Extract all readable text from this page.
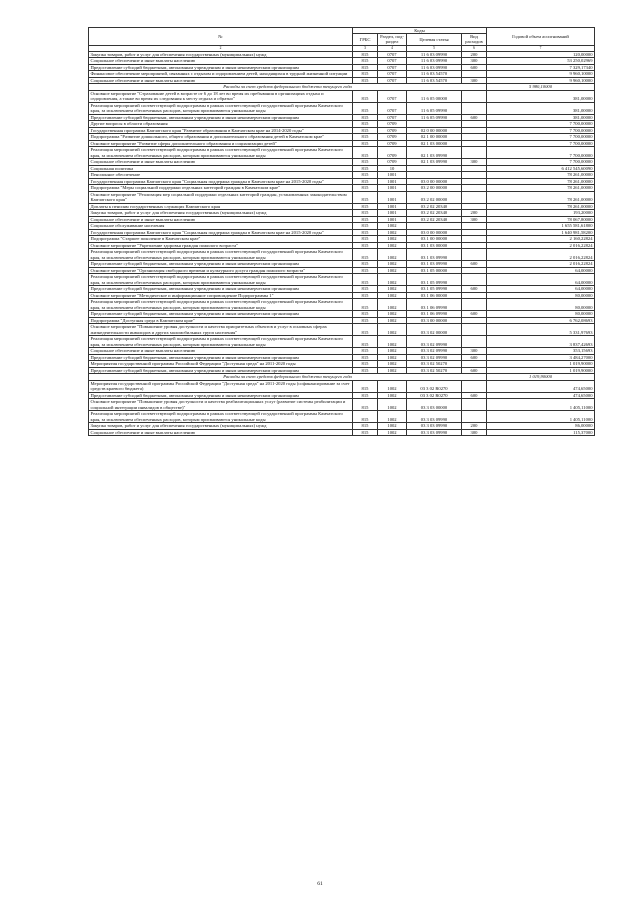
№	Коды				Годовой объем ассигнований
	ГРБС	Раздел, под-раздел	Целевая статья	Вид расходов	
2	3	4	5	6	7
Закупка товаров, работ и услуг для обеспечения государственных (муниципальных) нужд	815	0707	11 6 03 09990	200	120,00000
Социальное обеспечение и иные выплаты населению	815	0707	11 6 03 09990	300	53 250,02969
Предоставление субсидий бюджетным, автономным учреждениям и иным некоммерческим организациям	815	0707	11 6 03 09990	600	7 329,17340
Финансовое обеспечение мероприятий, связанных с отдыхом и оздоровлением детей, находящихся в трудной жизненной ситуации	815	0707	11 6 03 54570		9 960,10000
Социальное обеспечение и иные выплаты населению	815	0707	11 6 03 54570	300	9 960,10000
Расходы за счет средств федерального бюджета текущего года					5 980,10000
Основное мероприятие "Страхование детей в возрасте от 6 до 18 лет во время их пребывания в организациях отдыха и оздоровления, а также во время их следования к месту отдыха и обратно"	815	0707	11 6 05 00000		381,00000
Реализация мероприятий соответствующей подпрограммы в рамках соответствующей государственной программы Камчатского края, за исключением обеспеченных расходов, которым присваиваются уникальные коды	815	0707	11 6 05 09990		381,00000
Предоставление субсидий бюджетным, автономным учреждениям и иным некоммерческим организациям	815	0707	11 6 05 09990	600	381,00000
Другие вопросы в области образования	815	0709			7 700,00000
Государственная программа Камчатского края "Развитие образования в Камчатском крае на 2014-2020 годы"	815	0709	02 0 00 00000		7 700,00000
Подпрограмма "Развитие дошкольного, общего образования и дополнительного образования детей в Камчатском крае"	815	0709	02 1 00 00000		7 700,00000
Основное мероприятие "Развитие сферы дополнительного образования и социализации детей"	815	0709	02 1 03 00000		7 700,00000
Реализация мероприятий соответствующей подпрограммы в рамках соответствующей государственной программы Камчатского края, за исключением обеспеченных расходов, которым присваиваются уникальные коды	815	0709	02 1 03 09990		7 700,00000
Социальное обеспечение и иные выплаты населению	815	0709	02 1 03 09990	300	7 700,00000
Социальная политика	815	10			6 412 545,60090
Пенсионное обеспечение	815	1001			78 261,00000
Государственная программа Камчатского края "Социальная поддержка граждан в Камчатском крае на 2015-2020 годы"	815	1001	03 0 00 00000		78 261,00000
Подпрограмма "Меры социальной поддержки отдельных категорий граждан в Камчатском крае"	815	1001	03 2 00 00000		78 261,00000
Основное мероприятие "Реализация мер социальной поддержки отдельных категорий граждан, установленных законодательством Камчатского края"	815	1001	03 2 02 00000		78 261,00000
Доплаты к пенсиям государственных служащих Камчатского края	815	1001	03 2 02 20340		78 261,00000
Закупка товаров, работ и услуг для обеспечения государственных (муниципальных) нужд	815	1001	03 2 02 20340	200	193,20000
Социальное обеспечение и иные выплаты населению	815	1001	03 2 02 20340	300	78 067,80000
Социальное обслуживание населения	815	1002			1 655 581,61800
Государственная программа Камчатского края "Социальная поддержка граждан в Камчатском крае на 2015-2020 годы"	815	1002	03 0 00 00000		1 640 981,58200
Подпрограмма "Старшее поколение в Камчатском крае"	815	1002	03 1 00 00000		2 160,22824
Основное мероприятие "Укрепление здоровья граждан пожилого возраста"	815	1002	03 1 03 00000		2 016,22824
Реализация мероприятий соответствующей подпрограммы в рамках соответствующей государственной программы Камчатского края, за исключением обеспеченных расходов, которым присваиваются уникальные коды	815	1002	03 1 03 09990		2 016,22824
Предоставление субсидий бюджетным, автономным учреждениям и иным некоммерческим организациям	815	1002	03 1 03 09990	600	2 016,22824
Основное мероприятие "Организация свободного времени и культурного досуга граждан пожилого возраста"	815	1002	03 1 05 00000		64,00000
Реализация мероприятий соответствующей подпрограммы в рамках соответствующей государственной программы Камчатского края, за исключением обеспеченных расходов, которым присваиваются уникальные коды	815	1002	03 1 05 09990		64,00000
Предоставление субсидий бюджетным, автономным учреждениям и иным некоммерческим организациям	815	1002	03 1 05 09990	600	64,00000
Основное мероприятие "Методическое и информационное сопровождение Подпрограммы 1"	815	1002	03 1 06 00000		80,00000
Реализация мероприятий соответствующей подпрограммы в рамках соответствующей государственной программы Камчатского края, за исключением обеспеченных расходов, которым присваиваются уникальные коды	815	1002	03 1 06 09990		80,00000
Предоставление субсидий бюджетным, автономным учреждениям и иным некоммерческим организациям	815	1002	03 1 06 09990	600	80,00000
Подпрограмма "Доступная среда в Камчатском крае"	815	1002	03 3 00 00000		6 762,08693
Основное мероприятие "Повышение уровня доступности и качества приоритетных объектов и услуг в основных сферах жизнедеятельности инвалидов и других маломобильных групп населения"	815	1002	03 3 02 00000		5 331,97693
Реализация мероприятий соответствующей подпрограммы в рамках соответствующей государственной программы Камчатского края, за исключением обеспеченных расходов, которым присваиваются уникальные коды	815	1002	03 3 02 09990		3 837,42693
Социальное обеспечение и иные выплаты населению	815	1002	03 3 02 09990	300	353,15693
Предоставление субсидий бюджетным, автономным учреждениям и иным некоммерческим организациям	815	1002	03 3 02 09990	600	3 484,27000
Мероприятия государственной программы Российской Федерации "Доступная среда" на 2011-2020 годы	815	1002	03 3 02 50270		1 019,90000
Предоставление субсидий бюджетным, автономным учреждениям и иным некоммерческим организациям	815	1002	03 3 02 50270	600	1 019,90000
Расходы за счет средств федерального бюджета текущего года					1 019,90000
Мероприятия государственной программы Российской Федерации "Доступная среда" на 2011-2020 годы (софинансирование за счет средств краевого бюджета)	815	1002	03 3 02 R0270		474,65000
Предоставление субсидий бюджетным, автономным учреждениям и иным некоммерческим организациям	815	1002	03 3 02 R0270	600	474,65000
Основное мероприятие "Повышение уровня доступности и качества реабилитационных услуг (развитие системы реабилитации и социальной интеграции инвалидов в обществе)"	815	1002	03 3 03 00000		1 405,11000
Реализация мероприятий соответствующей подпрограммы в рамках соответствующей государственной программы Камчатского края, за исключением обеспеченных расходов, которым присваиваются уникальные коды	815	1002	03 3 03 09990		1 405,11000
Закупка товаров, работ и услуг для обеспечения государственных (муниципальных) нужд	815	1002	03 3 03 09990	200	86,00000
Социальное обеспечение и иные выплаты населению	815	1002	03 3 03 09990	300	115,37000
61
